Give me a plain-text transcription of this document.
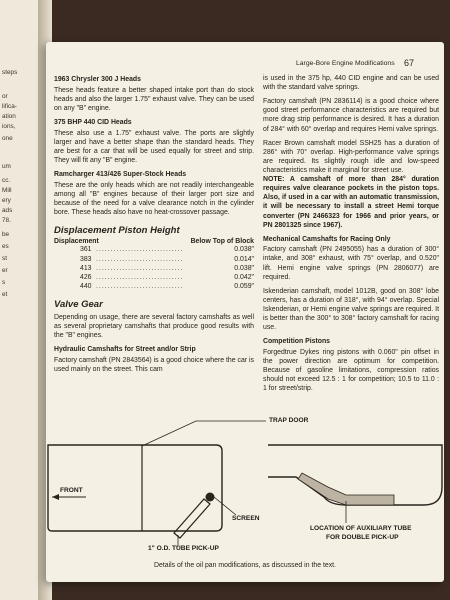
steps
or
lifica-
ation
ions,
one
um
cc.
Mill
ery
ads
78.
be
es
st
er
s
et
Large-Bore Engine Modifications 67
1963 Chrysler 300 J Heads

These heads feature a better shaped intake port than do stock heads and also the larger 1.75" exhaust valve. They can be used on any "B" engine.

375 BHP 440 CID Heads

These also use a 1.75" exhaust valve. The ports are slightly larger and have a better shape than the standard heads. They are best for a car that will be used equally for street and strip. They will fit any "B" engine.

Ramcharger 413/426 Super-Stock Heads

These are the only heads which are not readily interchangeable among all "B" engines because of their larger port size and because of the need for a valve clearance notch in the cylinder bore. These heads also have no heat-crossover passage.

Displacement Piston Height
Displacement	Below Top of Block
361 ..............................	0.038"
383 ..............................	0.014"
413 ..............................	0.038"
426 ..............................	0.042"
440 ..............................	0.059"
Valve Gear

Depending on usage, there are several factory camshafts as well as several proprietary camshafts that produce good results with the "B" engines.

Hydraulic Camshafts for Street and/or Strip

Factory camshaft (PN 2843564) is a good choice where the car is used mainly on the street. This cam

is used in the 375 hp, 440 CID engine and can be used with the standard valve springs.

Factory camshaft (PN 2836114) is a good choice where good street performance characteristics are required but more drag strip performance is desired. It has a duration of 284° with 60° overlap and requires Hemi valve springs.

Racer Brown camshaft model SSH25 has a duration of 286° with 70° overlap. High-performance valve springs are required. Its slightly rough idle and low-speed characteristics make it marginal for street use.

NOTE: A camshaft of more than 284° duration requires valve clearance pockets in the piston tops. Also, if used in a car with an automatic transmission, it will be necessary to install a street Hemi torque converter (PN 2466323 for 1966 and prior years, or PN 2801325 since 1967).

Mechanical Camshafts for Racing Only

Factory camshaft (PN 2495055) has a duration of 300° intake, and 308° exhaust, with 75° overlap, and 0.520" lift. Hemi engine valve springs (PN 2806077) are required.

Iskenderian camshaft, model 1012B, good on 308° lobe centers, has a duration of 318°, with 94° overlap. Special Iskenderian, or Hemi engine valve springs are required. It is better than the 300° to 308° factory camshaft for racing use.

Competition Pistons

Forgedtrue Dykes ring pistons with 0.060" pin offset in the power direction are optimum for competition. Because of gasoline limitations, compression ratios should not exceed 12.5 : 1 for competition; 10.5 to 11.0 : 1 for street/strip.

TRAP DOOR
FRONT
SCREEN
1" O.D. TUBE PICK-UP
LOCATION OF AUXILIARY TUBE
FOR DOUBLE PICK-UP
Details of the oil pan modifications, as discussed in the text.
